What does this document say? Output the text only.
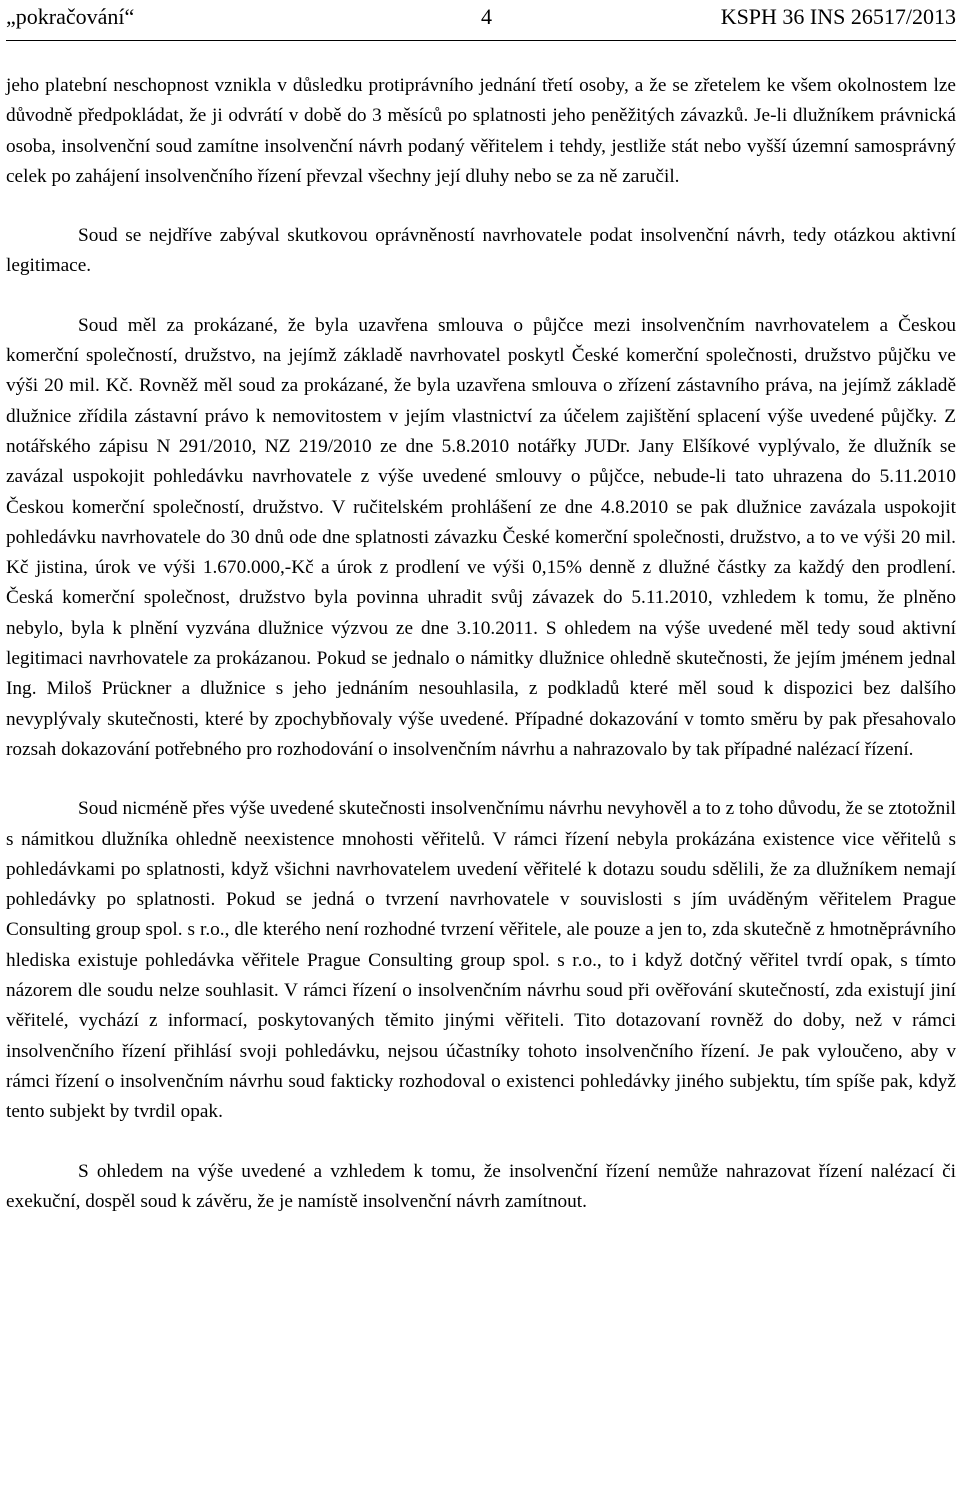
„pokračování“	4	KSPH 36 INS 26517/2013

jeho platební neschopnost vznikla v důsledku protiprávního jednání třetí osoby, a že se zřetelem ke všem okolnostem lze důvodně předpokládat, že ji odvrátí v době do 3 měsíců po splatnosti jeho peněžitých závazků. Je-li dlužníkem právnická osoba, insolvenční soud zamítne insolvenční návrh podaný věřitelem i tehdy, jestliže stát nebo vyšší územní samosprávný celek po zahájení insolvenčního řízení převzal všechny její dluhy nebo se za ně zaručil.

Soud se nejdříve zabýval skutkovou oprávněností navrhovatele podat insolvenční návrh, tedy otázkou aktivní legitimace.

Soud měl za prokázané, že byla uzavřena smlouva o půjčce mezi insolvenčním navrhovatelem a Českou komerční společností, družstvo, na jejímž základě navrhovatel poskytl České komerční společnosti, družstvo půjčku ve výši 20 mil. Kč. Rovněž měl soud za prokázané, že byla uzavřena smlouva o zřízení zástavního práva, na jejímž základě dlužnice zřídila zástavní právo k nemovitostem v jejím vlastnictví za účelem zajištění splacení výše uvedené půjčky. Z notářského zápisu N 291/2010, NZ 219/2010 ze dne 5.8.2010 notářky JUDr. Jany Elšíkové vyplývalo, že dlužník se zavázal uspokojit pohledávku navrhovatele z výše uvedené smlouvy o půjčce, nebude-li tato uhrazena do 5.11.2010 Českou komerční společností, družstvo. V ručitelském prohlášení ze dne 4.8.2010 se pak dlužnice zavázala uspokojit pohledávku navrhovatele do 30 dnů ode dne splatnosti závazku České komerční společnosti, družstvo, a to ve výši 20 mil. Kč jistina, úrok ve výši 1.670.000,-Kč a úrok z prodlení ve výši 0,15% denně z dlužné částky za každý den prodlení. Česká komerční společnost, družstvo byla povinna uhradit svůj závazek do 5.11.2010, vzhledem k tomu, že plněno nebylo, byla k plnění vyzvána dlužnice výzvou ze dne 3.10.2011. S ohledem na výše uvedené měl tedy soud aktivní legitimaci navrhovatele za prokázanou. Pokud se jednalo o námitky dlužnice ohledně skutečnosti, že jejím jménem jednal Ing. Miloš Prückner a dlužnice s jeho jednáním nesouhlasila, z podkladů které měl soud k dispozici bez dalšího nevyplývaly skutečnosti, které by zpochybňovaly výše uvedené. Případné dokazování v tomto směru by pak přesahovalo rozsah dokazování potřebného pro rozhodování o insolvenčním návrhu a nahrazovalo by tak případné nalézací řízení.

Soud nicméně přes výše uvedené skutečnosti insolvenčnímu návrhu nevyhověl a to z toho důvodu, že se ztotožnil s námitkou dlužníka ohledně neexistence mnohosti věřitelů. V rámci řízení nebyla prokázána existence vice věřitelů s pohledávkami po splatnosti, když všichni navrhovatelem uvedení věřitelé k dotazu soudu sdělili, že za dlužníkem nemají pohledávky po splatnosti. Pokud se jedná o tvrzení navrhovatele v souvislosti s jím uváděným věřitelem Prague Consulting group spol. s r.o., dle kterého není rozhodné tvrzení věřitele, ale pouze a jen to, zda skutečně z hmotněprávního hlediska existuje pohledávka věřitele Prague Consulting group spol. s r.o., to i když dotčný věřitel tvrdí opak, s tímto názorem dle soudu nelze souhlasit. V rámci řízení o insolvenčním návrhu soud při ověřování skutečností, zda existují jiní věřitelé, vychází z informací, poskytovaných těmito jinými věřiteli. Tito dotazovaní rovněž do doby, než v rámci insolvenčního řízení přihlásí svoji pohledávku, nejsou účastníky tohoto insolvenčního řízení. Je pak vyloučeno, aby v rámci řízení o insolvenčním návrhu soud fakticky rozhodoval o existenci pohledávky jiného subjektu, tím spíše pak, když tento subjekt by tvrdil opak.

S ohledem na výše uvedené a vzhledem k tomu, že insolvenční řízení nemůže nahrazovat řízení nalézací či exekuční, dospěl soud k závěru, že je namístě insolvenční návrh zamítnout.
